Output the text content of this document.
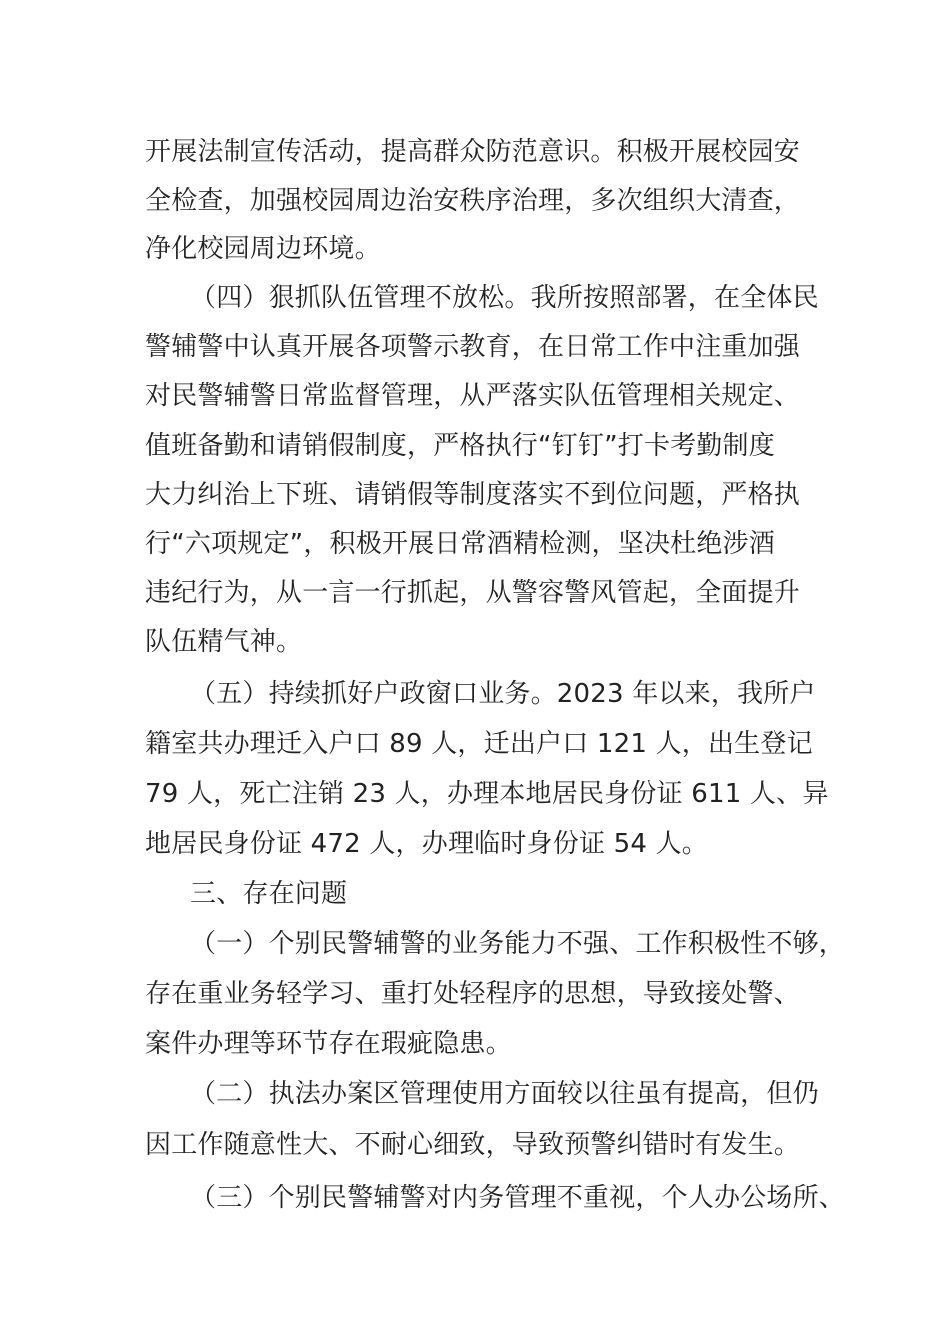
开展法制宣传活动，提高群众防范意识。积极开展校园安
全检查，加强校园周边治安秩序治理，多次组织大清查，
净化校园周边环境。
（四）狠抓队伍管理不放松。我所按照部署，在全体民
警辅警中认真开展各项警示教育，在日常工作中注重加强
对民警辅警日常监督管理，从严落实队伍管理相关规定、
值班备勤和请销假制度，严格执行“钉钉”打卡考勤制度
大力纠治上下班、请销假等制度落实不到位问题，严格执
行“六项规定”，积极开展日常酒精检测，坚决杜绝涉酒
违纪行为，从一言一行抓起，从警容警风管起，全面提升
队伍精气神。
（五）持续抓好户政窗口业务。2023 年以来，我所户
籍室共办理迁入户口 89 人，迁出户口 121 人，出生登记
79 人，死亡注销 23 人，办理本地居民身份证 611 人、异
地居民身份证 472 人，办理临时身份证 54 人。
三、存在问题
（一）个别民警辅警的业务能力不强、工作积极性不够，
存在重业务轻学习、重打处轻程序的思想，导致接处警、
案件办理等环节存在瑕疵隐患。
（二）执法办案区管理使用方面较以往虽有提高，但仍
因工作随意性大、不耐心细致，导致预警纠错时有发生。
（三）个别民警辅警对内务管理不重视，个人办公场所、
